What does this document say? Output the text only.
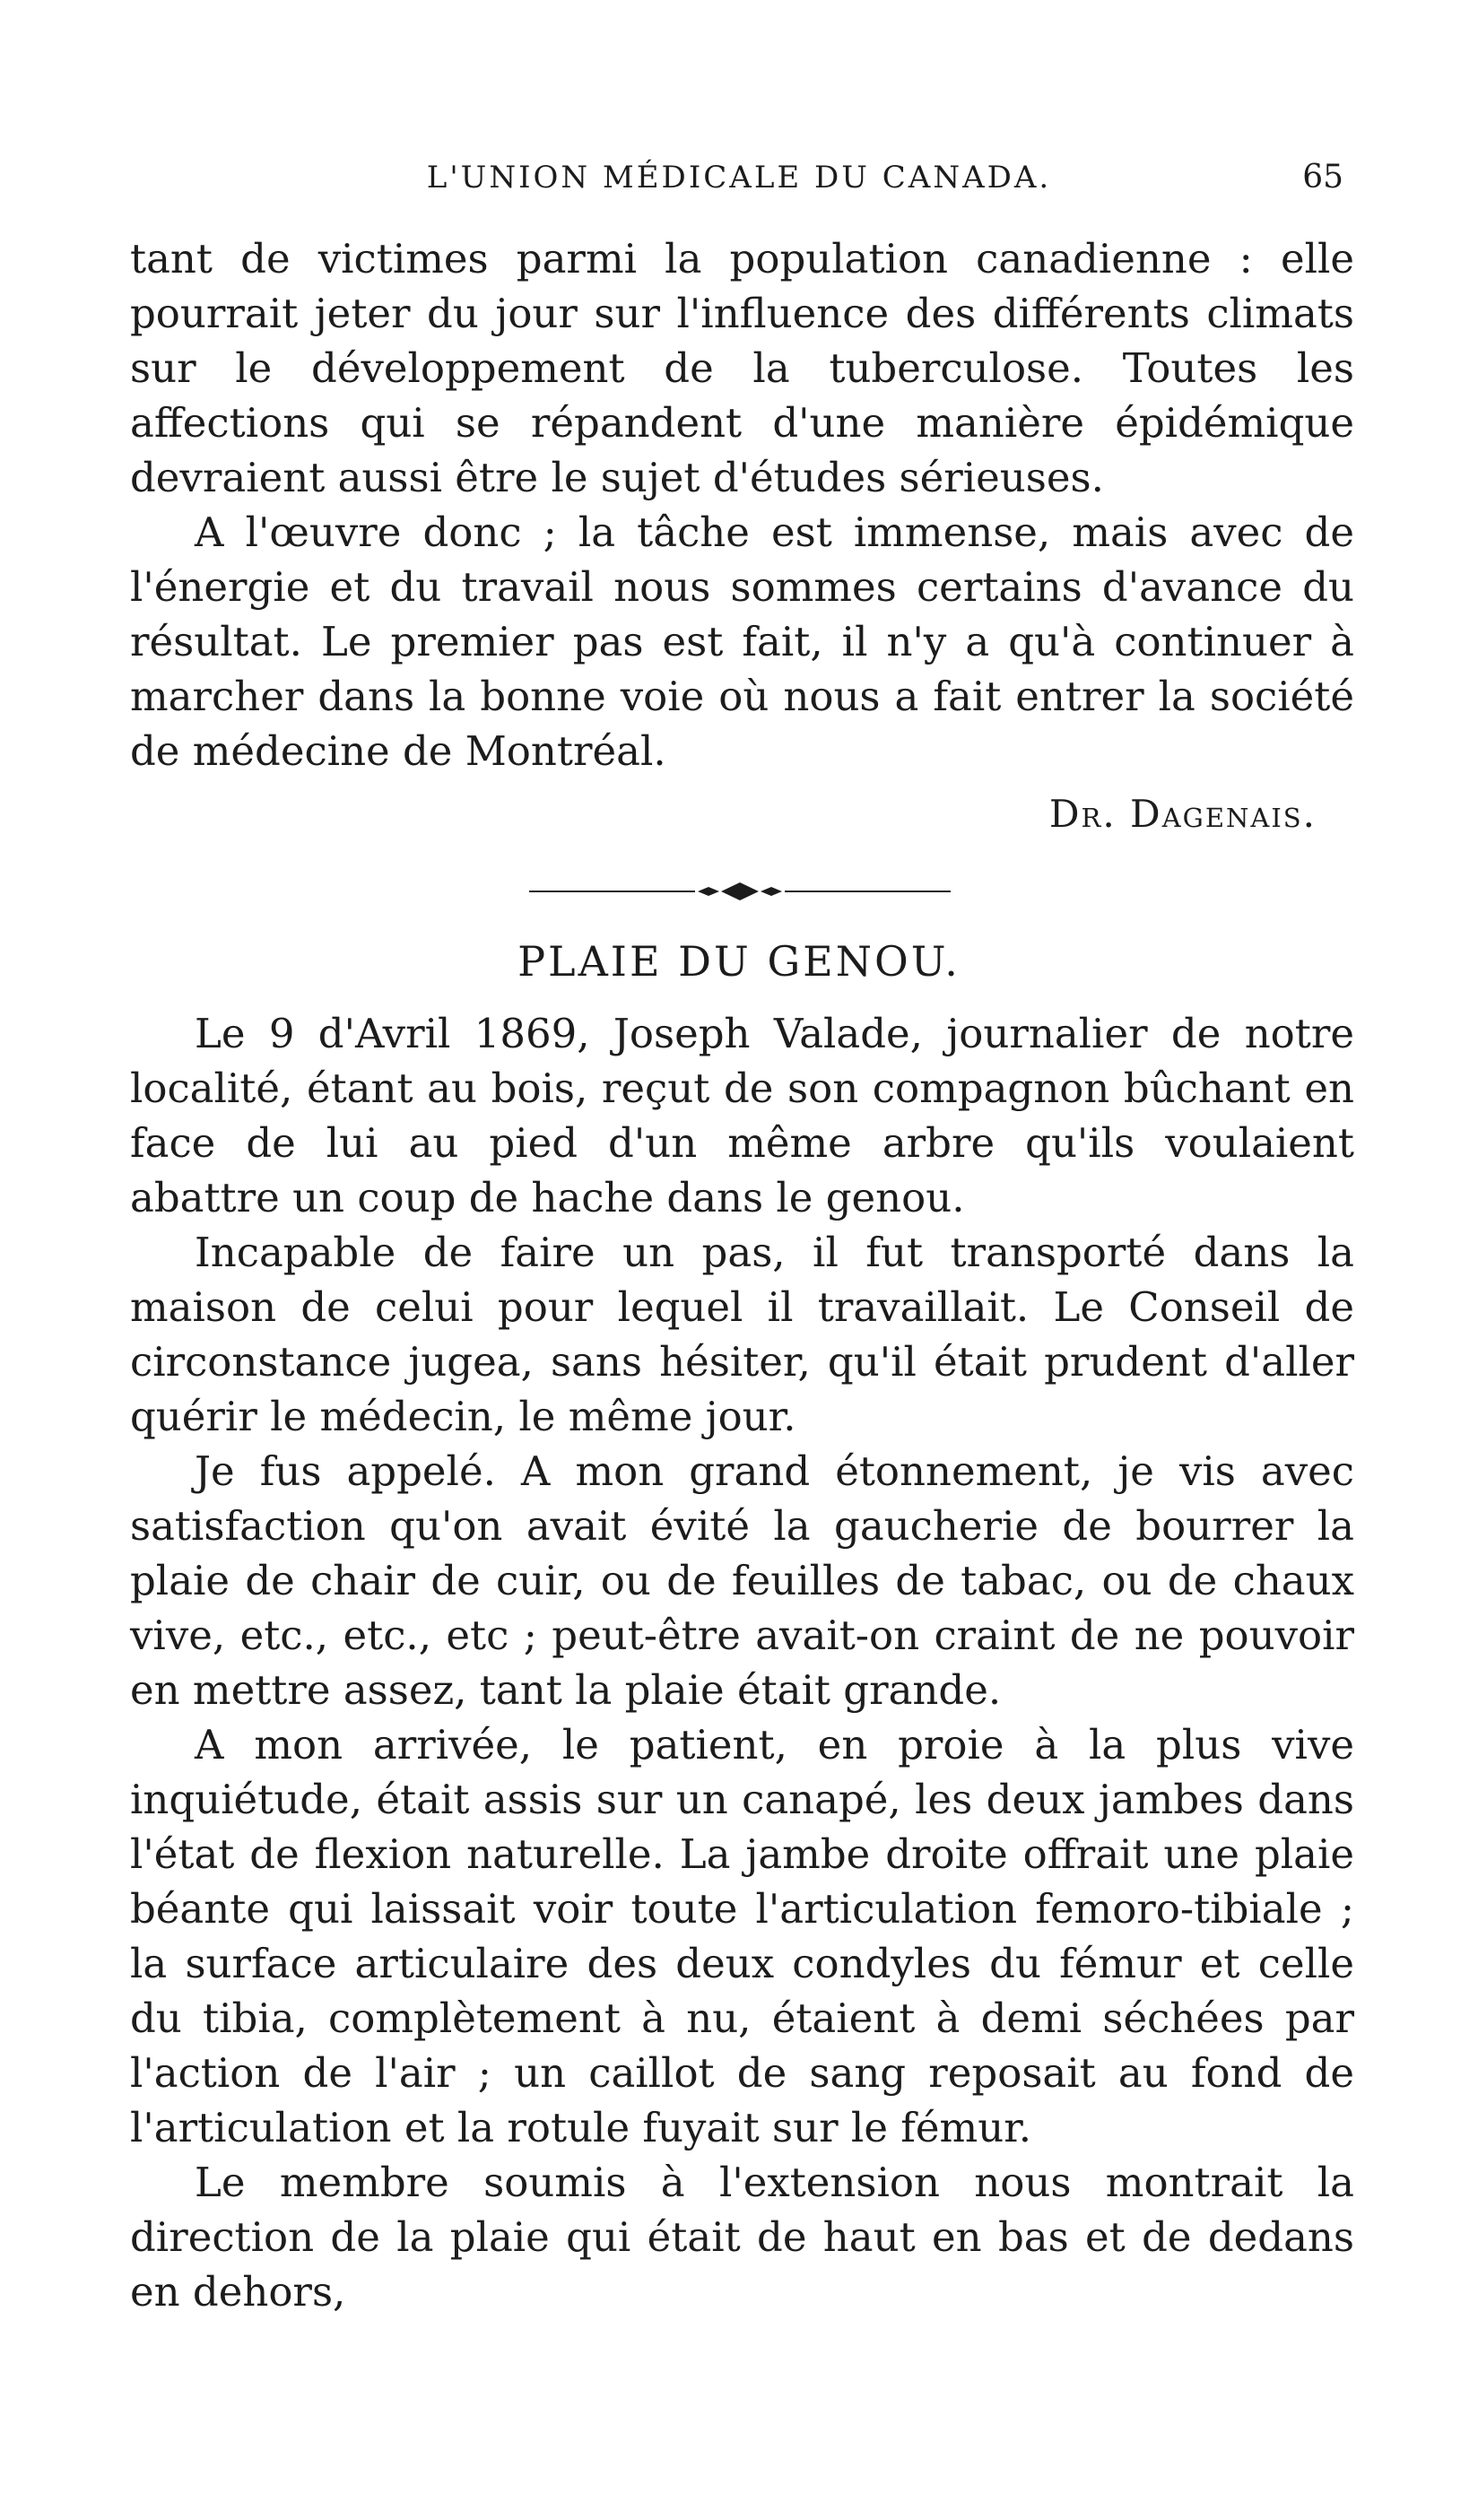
L'UNION MÉDICALE DU CANADA.	65

tant de victimes parmi la population canadienne : elle pourrait jeter du jour sur l'influence des différents climats sur le développement de la tuberculose. Toutes les affections qui se répandent d'une manière épidémique devraient aussi être le sujet d'études sérieuses.

A l'œuvre donc ; la tâche est immense, mais avec de l'énergie et du travail nous sommes certains d'avance du résultat. Le premier pas est fait, il n'y a qu'à continuer à marcher dans la bonne voie où nous a fait entrer la société de médecine de Montréal.

Dr. Dagenais.
PLAIE DU GENOU.

Le 9 d'Avril 1869, Joseph Valade, journalier de notre localité, étant au bois, reçut de son compagnon bûchant en face de lui au pied d'un même arbre qu'ils voulaient abattre un coup de hache dans le genou.

Incapable de faire un pas, il fut transporté dans la maison de celui pour lequel il travaillait. Le Conseil de circonstance jugea, sans hésiter, qu'il était prudent d'aller quérir le médecin, le même jour.

Je fus appelé. A mon grand étonnement, je vis avec satisfaction qu'on avait évité la gaucherie de bourrer la plaie de chair de cuir, ou de feuilles de tabac, ou de chaux vive, etc., etc., etc ; peut-être avait-on craint de ne pouvoir en mettre assez, tant la plaie était grande.

A mon arrivée, le patient, en proie à la plus vive inquiétude, était assis sur un canapé, les deux jambes dans l'état de flexion naturelle. La jambe droite offrait une plaie béante qui laissait voir toute l'articulation femoro-tibiale ; la surface articulaire des deux condyles du fémur et celle du tibia, complètement à nu, étaient à demi séchées par l'action de l'air ; un caillot de sang reposait au fond de l'articulation et la rotule fuyait sur le fémur.

Le membre soumis à l'extension nous montrait la direction de la plaie qui était de haut en bas et de dedans en dehors,
